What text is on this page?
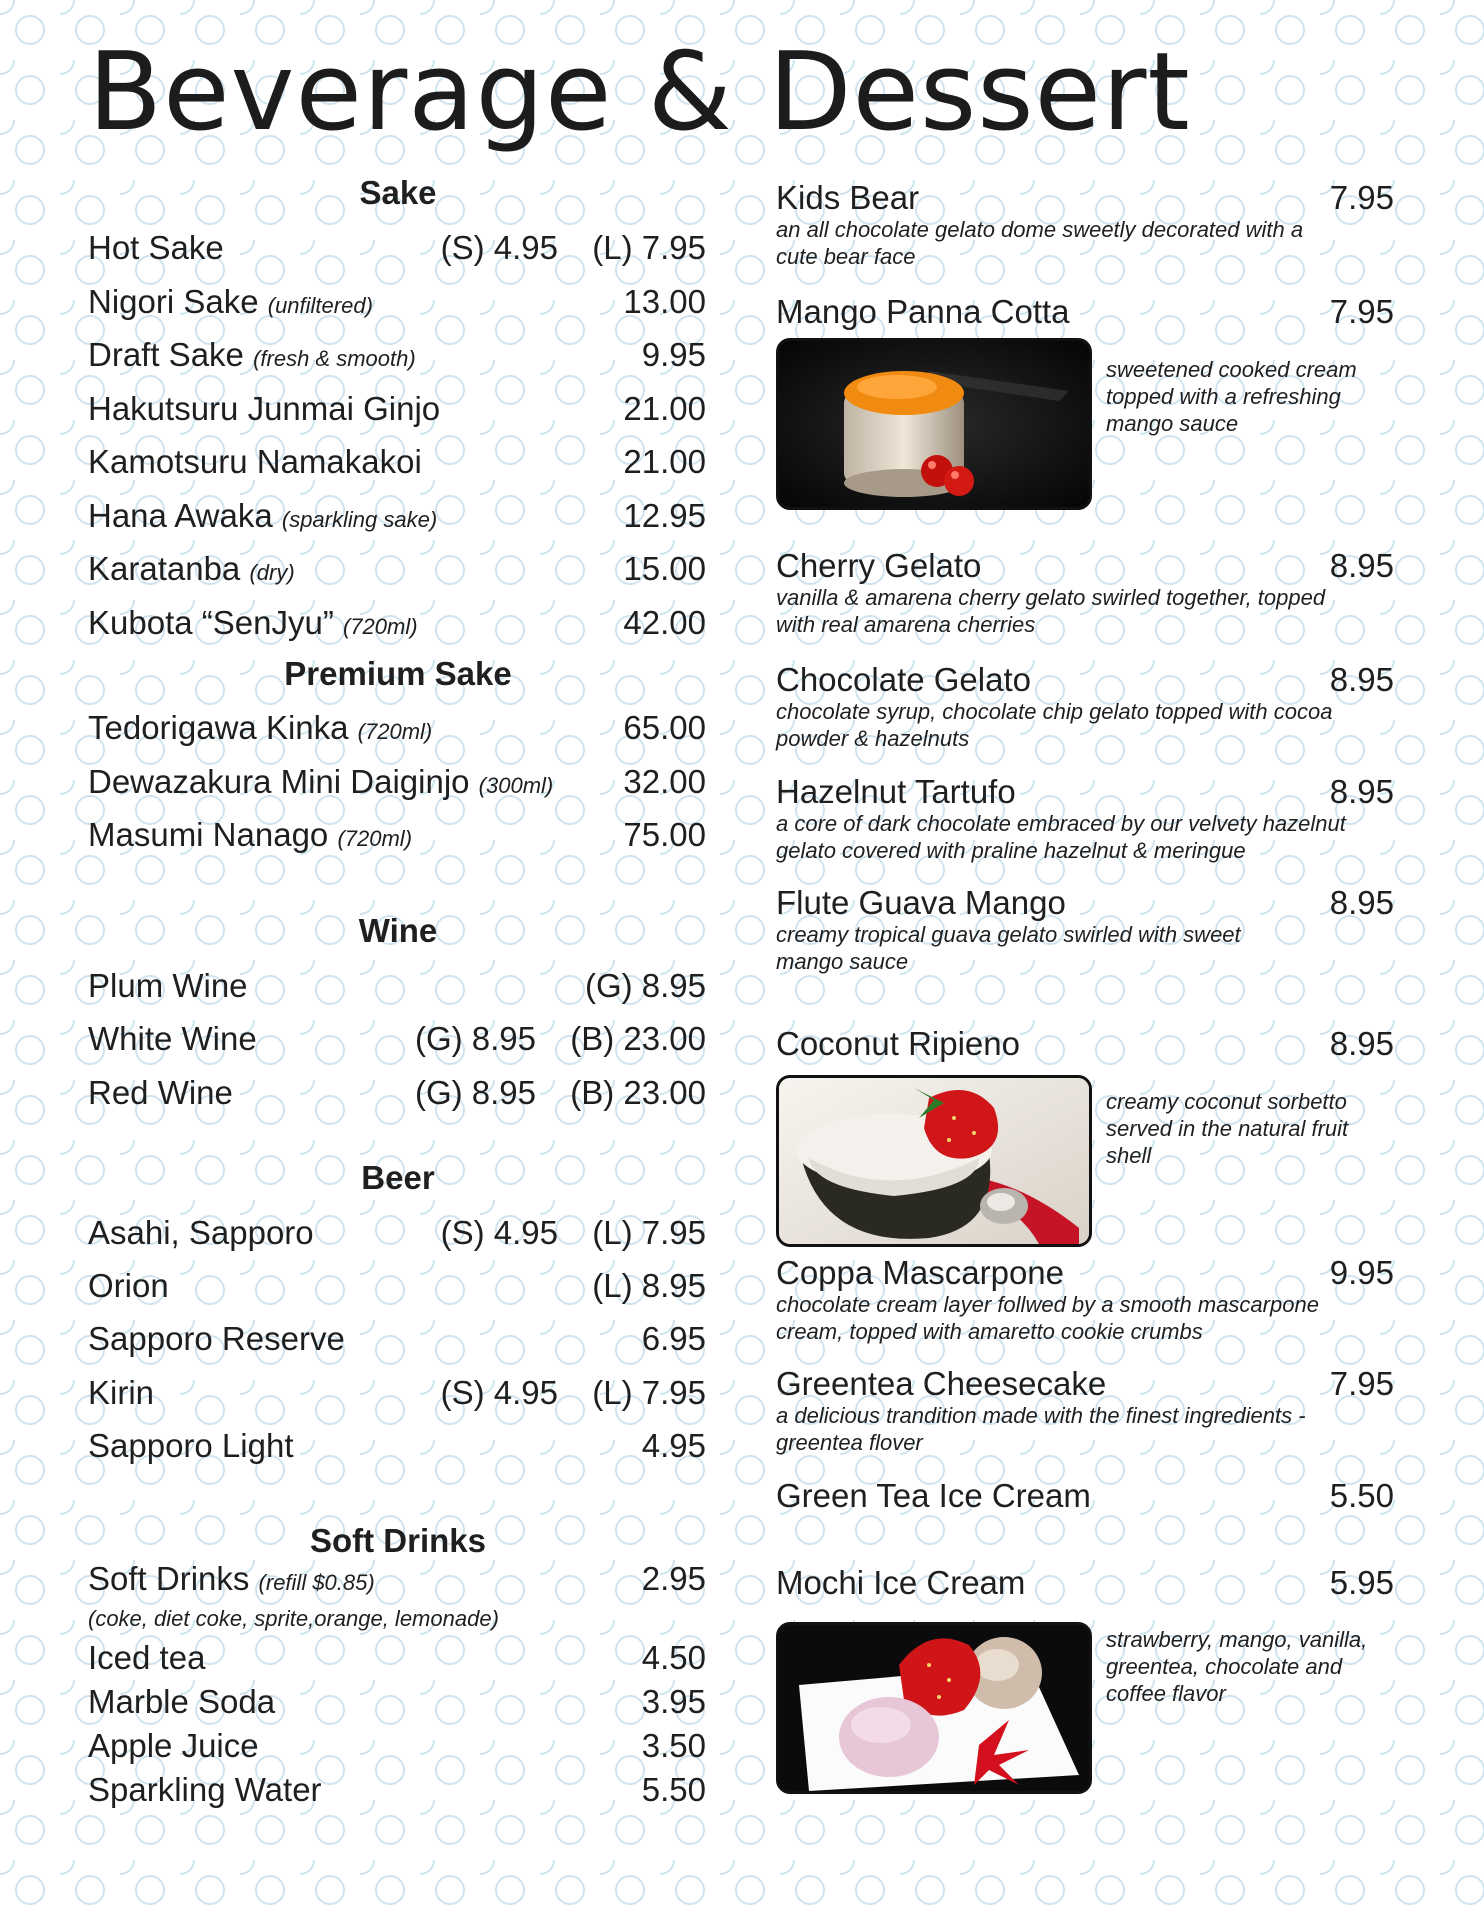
Beverage & Dessert
Sake
Hot Sake	(S) 4.95 (L) 7.95
Nigori Sake (unfiltered)	13.00
Draft Sake (fresh & smooth)	9.95
Hakutsuru Junmai Ginjo	21.00
Kamotsuru Namakakoi	21.00
Hana Awaka (sparkling sake)	12.95
Karatanba (dry)	15.00
Kubota “SenJyu” (720ml)	42.00
Premium Sake
Tedorigawa Kinka (720ml)	65.00
Dewazakura Mini Daiginjo (300ml) 32.00
Masumi Nanago (720ml)	75.00
Wine
Plum Wine	(G) 8.95
White Wine	(G) 8.95 (B) 23.00
Red Wine	(G) 8.95 (B) 23.00
Beer
Asahi, Sapporo	(S) 4.95 (L) 7.95
Orion	(L) 8.95
Sapporo Reserve	6.95
Kirin	(S) 4.95 (L) 7.95
Sapporo Light	4.95
Soft Drinks
Soft Drinks (refill $0.85)	2.95
(coke, diet coke, sprite,orange, lemonade)
Iced tea	4.50
Marble Soda	3.95
Apple Juice	3.50
Sparkling Water	5.50
Kids Bear	7.95
an all chocolate gelato dome sweetly decorated with a cute bear face
Mango Panna Cotta	7.95
sweetened cooked cream topped with a refreshing mango sauce
Cherry Gelato	8.95
vanilla & amarena cherry gelato swirled together, topped with real amarena cherries
Chocolate Gelato	8.95
chocolate syrup, chocolate chip gelato topped with cocoa powder & hazelnuts
Hazelnut Tartufo	8.95
a core of dark chocolate embraced by our velvety hazelnut gelato covered with praline hazelnut & meringue
Flute Guava Mango	8.95
creamy tropical guava gelato swirled with sweet mango sauce
Coconut Ripieno	8.95
creamy coconut sorbetto served in the natural fruit shell
Coppa Mascarpone	9.95
chocolate cream layer follwed by a smooth mascarpone cream, topped with amaretto cookie crumbs
Greentea Cheesecake	7.95
a delicious trandition made with the finest ingredients -greentea flover
Green Tea Ice Cream	5.50
Mochi Ice Cream	5.95
strawberry, mango, vanilla, greentea, chocolate and coffee flavor
